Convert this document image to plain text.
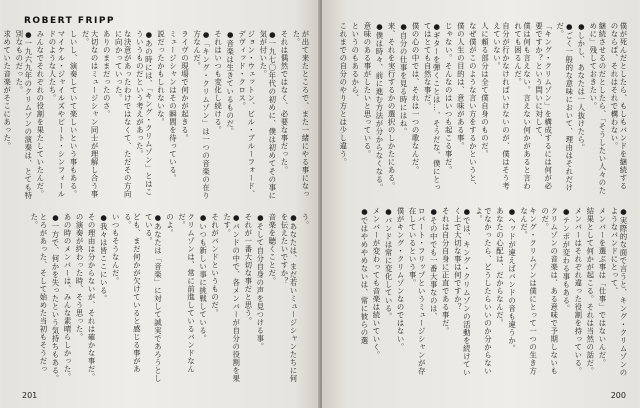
ROBERT FRIPP
が出て来たところで、また一緒にやる事になった。
それは偶然ではなく、必要な事だった。
●一九七〇年代の初めに、僕は初めてその事に気が付いた。
ジョン・ウェットン、ビル・ブルーフォード、デヴィッド・クロス。
●音楽は生きているものだ。
それはいつも変化し続ける。
●「キング・クリムゾン」は一つの音楽の在り方なんだ。
ライヴの現場で何かが起きる。
ミュージシャンはその瞬間を待っている。
説だったかもしれないな。
●あの時には、「キング・クリムゾン」とはこういうものだという考えがあった。
な決意があったわけではなくて、ただその方向に向かっていった。
ありのままだったのさ。
大切なのはミュージシャン同士が理解し合う事だ。
しいし、演奏していて楽しいという事もある。
マイケル・ジャイルズやピート・シンフィールドのような人たち。
みんなでそれぞれの役割を果たしていたんだ。
●一九六九年のクリムゾンの演奏は、とても特別なものだった。
求めていた音楽がそこにあった。
う。
●あなたは、まだ若いミュージシャンたちに何を伝えたいですか？
音楽を聴くことだ。
●そして自分自身の声を見つける事。
それが一番大切な事だと思う。
●バンドの中で、各メンバーが自分の役割を果たす。
それがバンドというものだ。
●いつも新しい事に挑戦している。
クリムゾンは、常に前進しているバンドなんだ。
のよ。
●あなたは「音楽」に対して誠実であろうとしている。
ども、まだ何かが欠けていると感じる事がある。
いつもそうなんだ。
●我々は皆ここにいる。
その理由は分からないが、それは確かな事だ。
の演奏が終わった時、そう思った。
あの時のメンバーは、みんな素晴らしかった。
●一方で、何かを失ったという気持ちもある。
とろがあった、そして始めた当初もそうだった。
201
僕が死んだとしたら、もしもバンドを継続するのならば、それはそれで構わない。
継続させるのだとしたら、「そうしたい人々のために」残しておきたい。
●しかし、あなたは一人抜けたら。
●ごく一般的な意味において、理由はそれだけだ。
「キング・クリムゾン」を構成するには何が必要ですか？という問いに対して、
僕は何も言えない。言えない何かがあると言われても困るんだ。
自分が行かなければいけないのが、僕はそう考えていない。
人に頼る部分は全て僕自身のものだ。
なぜ僕がこのような言い方をするかというと、
僕の人生の目的は、意味がある事。
じゃない。そんなのはいつも起こる事だ。
●ギターを弾くことは…、そうだな、僕にとってはとても自然な事だ。
僕の心の中では、それは一つの歌なんだ。
●自分の仕事を見る時にはね。
来、それを実行するかの選択のしかたにある。
●僕は時々、前に進む方法が分からなくなる。
意味のある事がしたいと思っている。
というのもあるから、
これまでの自分のやり方とは少し違う。
●実際的な面で言うと、キング・クリムゾンのようなバンドにとって、
メンバーを選ぶ事は「仕事」ではないんだ。
結果として何かが起こる。それは当然の話だ。
メンバーはそれぞれ違った役割を持っている。
●テンポが変わる事もある。
クリムゾンの音楽は、ある意味で予期しないものだ。
キング・クリムゾンは僕にとって一つの生き方なんだ。
●ヘッドが違えばバンドの音も違うか。
あなたの心配は、だからなんだ。
でなかったら、どうしたらいいのか分からないよ。
●では、キング・クリムゾンの活動を続けていく上で大切な事は何ですか？
それは自分自身に正直である事だ。
●その中でも一番大事なのは、
ロバート・フリップというミュージシャンが存在しているという事。
僕がキング・クリムゾンなのではない。
●バンドは常に変化している。
メンバーが変わっても音楽は続いていく。
●ではやめやめないは、常に彼らの選
200
